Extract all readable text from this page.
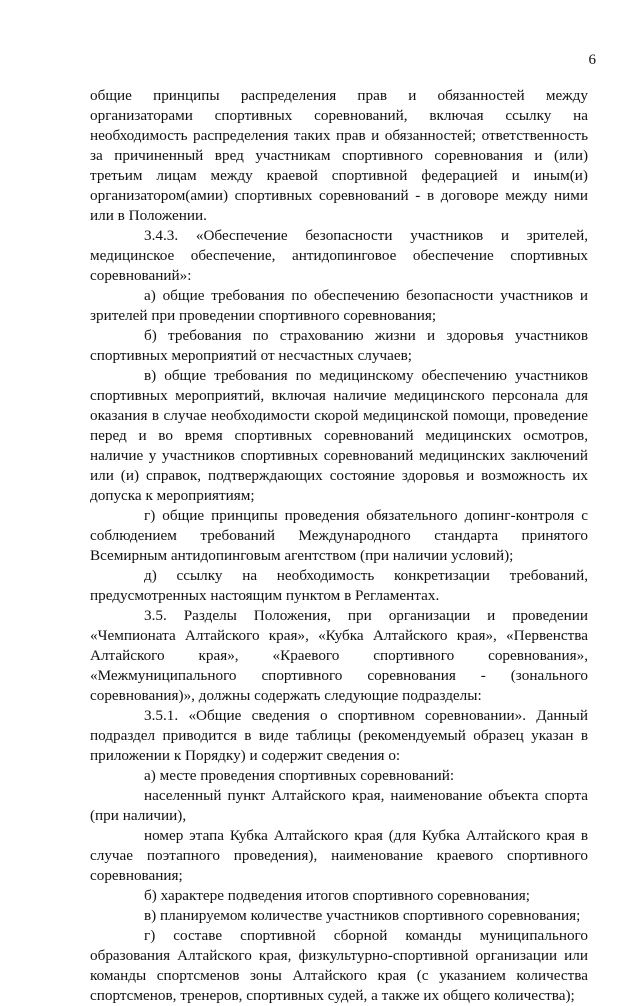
6

общие принципы распределения прав и обязанностей между организаторами спортивных соревнований, включая ссылку на необходимость распределения таких прав и обязанностей; ответственность за причиненный вред участникам спортивного соревнования и (или) третьим лицам между краевой спортивной федерацией и иным(и) организатором(амии) спортивных соревнований - в договоре между ними или в Положении.

3.4.3. «Обеспечение безопасности участников и зрителей, медицинское обеспечение, антидопинговое обеспечение спортивных соревнований»:

а) общие требования по обеспечению безопасности участников и зрителей при проведении спортивного соревнования;

б) требования по страхованию жизни и здоровья участников спортивных мероприятий от несчастных случаев;

в) общие требования по медицинскому обеспечению участников спортивных мероприятий, включая наличие медицинского персонала для оказания в случае необходимости скорой медицинской помощи, проведение перед и во время спортивных соревнований медицинских осмотров, наличие у участников спортивных соревнований медицинских заключений или (и) справок, подтверждающих состояние здоровья и возможность их допуска к мероприятиям;

г) общие принципы проведения обязательного допинг-контроля с соблюдением требований Международного стандарта принятого Всемирным антидопинговым агентством (при наличии условий);

д) ссылку на необходимость конкретизации требований, предусмотренных настоящим пунктом в Регламентах.

3.5. Разделы Положения, при организации и проведении «Чемпионата Алтайского края», «Кубка Алтайского края», «Первенства Алтайского края», «Краевого спортивного соревнования», «Межмуниципального спортивного соревнования - (зонального соревнования)», должны содержать следующие подразделы:

3.5.1. «Общие сведения о спортивном соревновании». Данный подраздел приводится в виде таблицы (рекомендуемый образец указан в приложении к Порядку) и содержит сведения о:

а) месте проведения спортивных соревнований:

населенный пункт Алтайского края, наименование объекта спорта (при наличии),

номер этапа Кубка Алтайского края (для Кубка Алтайского края в случае поэтапного проведения), наименование краевого спортивного соревнования;

б) характере подведения итогов спортивного соревнования;

в) планируемом количестве участников спортивного соревнования;

г) составе спортивной сборной команды муниципального образования Алтайского края, физкультурно-спортивной организации или команды спортсменов зоны Алтайского края (с указанием количества спортсменов, тренеров, спортивных судей, а также их общего количества);
